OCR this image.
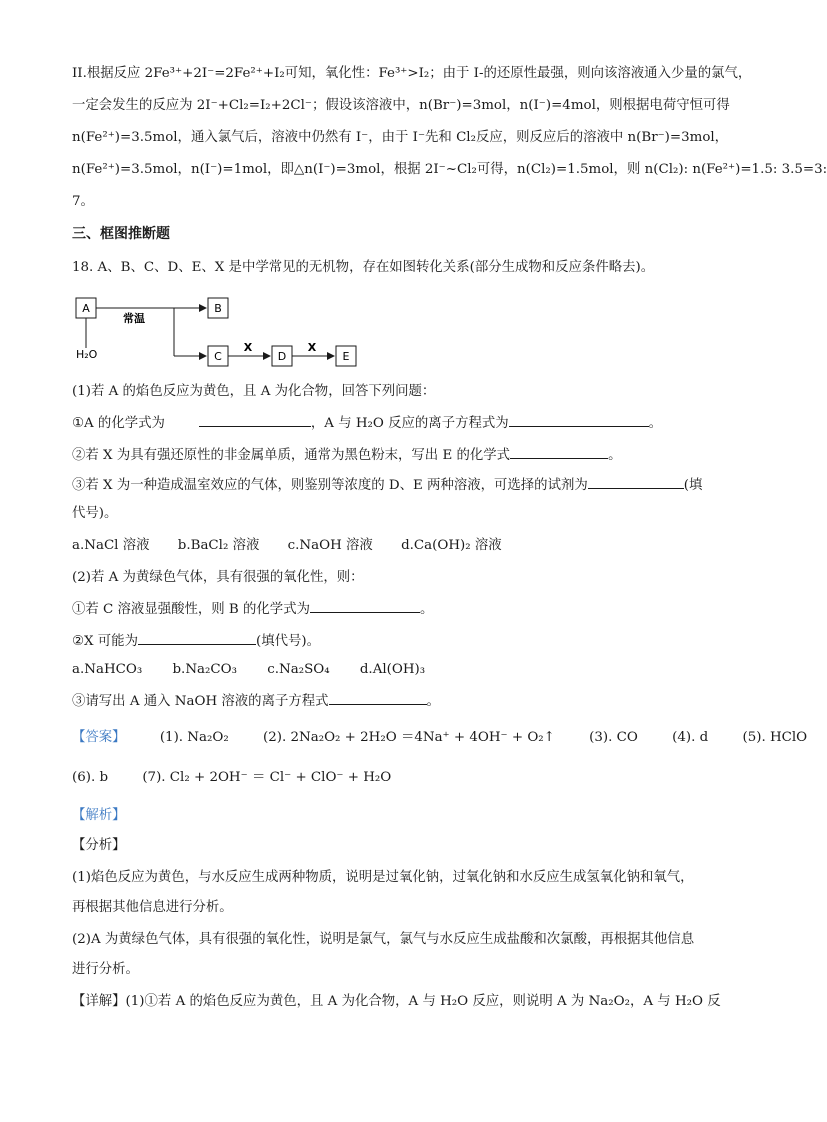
II.根据反应 2Fe³⁺+2I⁻=2Fe²⁺+I₂可知，氧化性：Fe³⁺>I₂；由于 I-的还原性最强，则向该溶液通入少量的氯气，
一定会发生的反应为 2I⁻+Cl₂=I₂+2Cl⁻；假设该溶液中，n(Br⁻)=3mol，n(I⁻)=4mol，则根据电荷守恒可得
n(Fe²⁺)=3.5mol，通入氯气后，溶液中仍然有 I⁻，由于 I⁻先和 Cl₂反应，则反应后的溶液中 n(Br⁻)=3mol，
n(Fe²⁺)=3.5mol，n(I⁻)=1mol，即△n(I⁻)=3mol，根据 2I⁻~Cl₂可得，n(Cl₂)=1.5mol，则 n(Cl₂): n(Fe²⁺)=1.5: 3.5=3:
7。
三、框图推断题
18. A、B、C、D、E、X 是中学常见的无机物，存在如图转化关系(部分生成物和反应条件略去)。
A
H₂O
常温
B
C
X
D
X
E
(1)若 A 的焰色反应为黄色，且 A 为化合物，回答下列问题：
①A 的化学式为	，A 与 H₂O 反应的离子方程式为	。
②若 X 为具有强还原性的非金属单质，通常为黑色粉末，写出 E 的化学式	。
③若 X 为一种造成温室效应的气体，则鉴别等浓度的 D、E 两种溶液，可选择的试剂为	(填
代号)。
a.NaCl 溶液 b.BaCl₂ 溶液 c.NaOH 溶液 d.Ca(OH)₂ 溶液
(2)若 A 为黄绿色气体，具有很强的氧化性，则：
①若 C 溶液显强酸性，则 B 的化学式为	。
②X 可能为	(填代号)。
a.NaHCO₃ b.Na₂CO₃ c.Na₂SO₄ d.Al(OH)₃
③请写出 A 通入 NaOH 溶液的离子方程式	。
【答案】	(1). Na₂O₂	(2). 2Na₂O₂ + 2H₂O ＝4Na⁺ + 4OH⁻ + O₂↑	(3). CO	(4). d	(5). HClO
(6). b	(7). Cl₂ + 2OH⁻ ＝ Cl⁻ + ClO⁻ + H₂O
【解析】
【分析】
(1)焰色反应为黄色，与水反应生成两种物质，说明是过氧化钠，过氧化钠和水反应生成氢氧化钠和氧气，
再根据其他信息进行分析。
(2)A 为黄绿色气体，具有很强的氧化性，说明是氯气，氯气与水反应生成盐酸和次氯酸，再根据其他信息
进行分析。
【详解】(1)①若 A 的焰色反应为黄色，且 A 为化合物，A 与 H₂O 反应，则说明 A 为 Na₂O₂，A 与 H₂O 反
